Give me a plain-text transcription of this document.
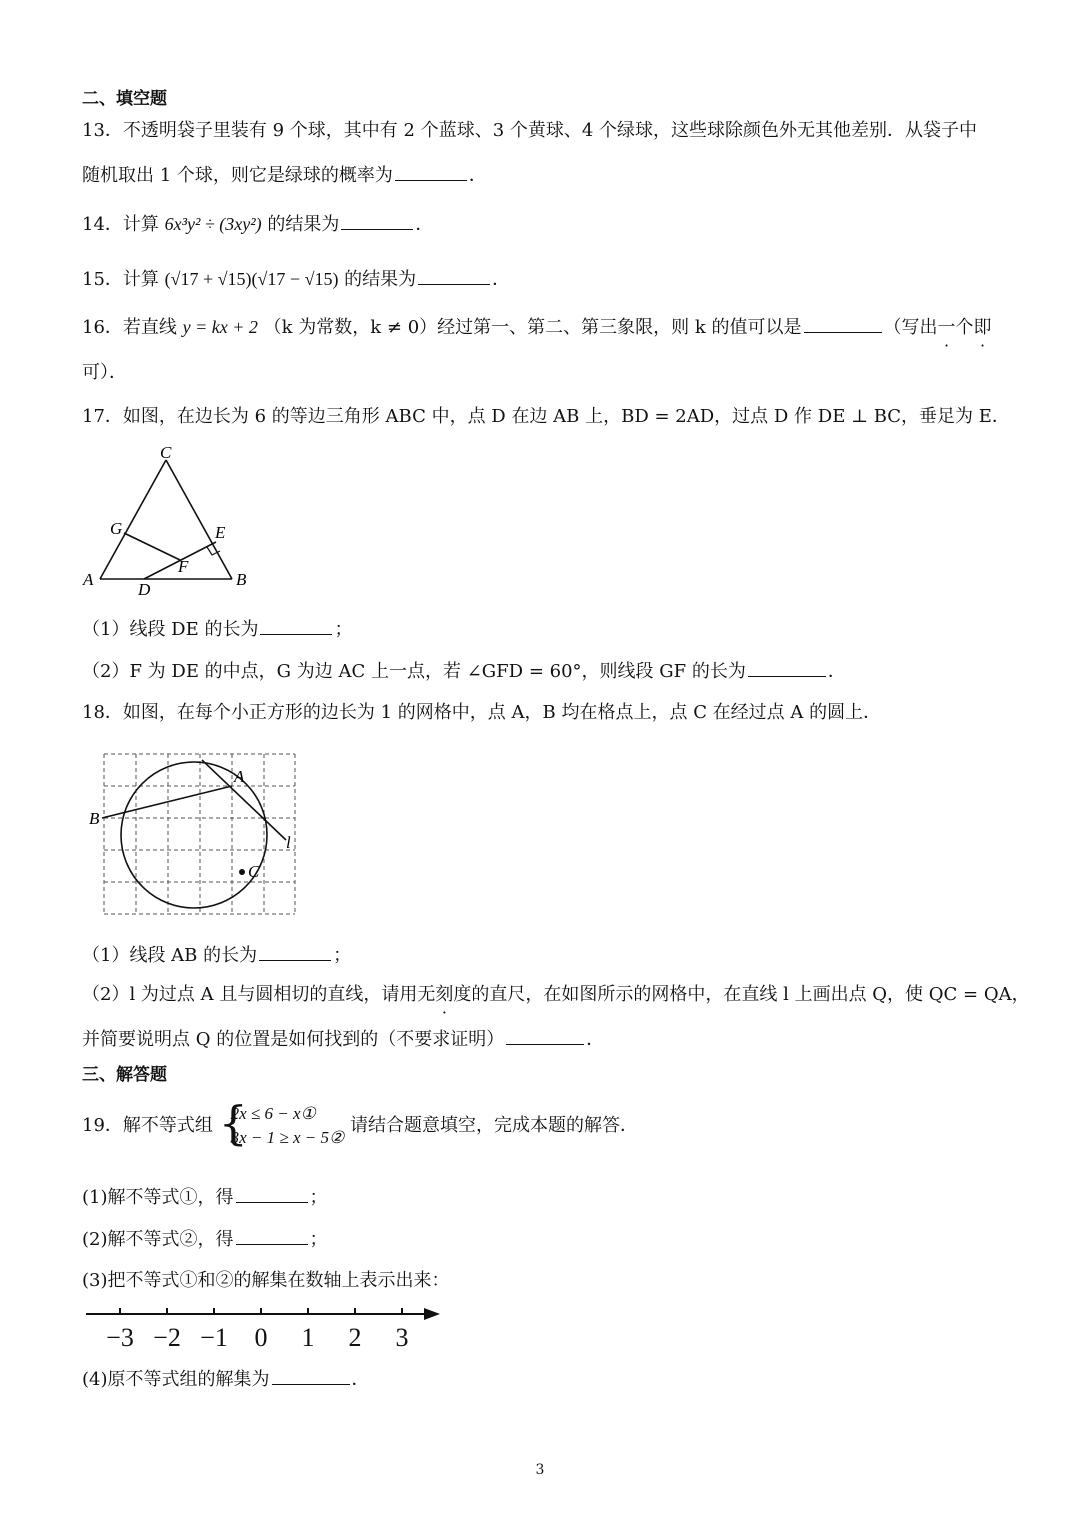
二、填空题
13．不透明袋子里装有 9 个球，其中有 2 个蓝球、3 个黄球、4 个绿球，这些球除颜色外无其他差别．从袋子中
随机取出 1 个球，则它是绿球的概率为	．
14．计算 6x³y² ÷ (3xy²) 的结果为	．
15．计算 (√17 + √15)(√17 − √15) 的结果为	．
16．若直线 y = kx + 2 （k 为常数，k ≠ 0）经过第一、第二、第三象限，则 k 的值可以是	（写出一个即
可）．
17．如图，在边长为 6 的等边三角形 ABC 中，点 D 在边 AB 上，BD = 2AD，过点 D 作 DE ⊥ BC，垂足为 E．
C
G	E
A
D
F
B
（1）线段 DE 的长为	；
（2）F 为 DE 的中点，G 为边 AC 上一点，若 ∠GFD = 60°，则线段 GF 的长为	．
18．如图，在每个小正方形的边长为 1 的网格中，点 A，B 均在格点上，点 C 在经过点 A 的圆上．
A
B
C
l
（1）线段 AB 的长为	；
（2）l 为过点 A 且与圆相切的直线，请用无刻度的直尺，在如图所示的网格中，在直线 l 上画出点 Q，使 QC = QA，
并简要说明点 Q 的位置是如何找到的（不要求证明）	．
三、解答题
19．解不等式组 {
2x ≤ 6 − x①
3x − 1 ≥ x − 5②
请结合题意填空，完成本题的解答．
(1)解不等式①，得	；
(2)解不等式②，得	；
(3)把不等式①和②的解集在数轴上表示出来：
−3 −2 −1 0 1 2 3
(4)原不等式组的解集为	．
3
